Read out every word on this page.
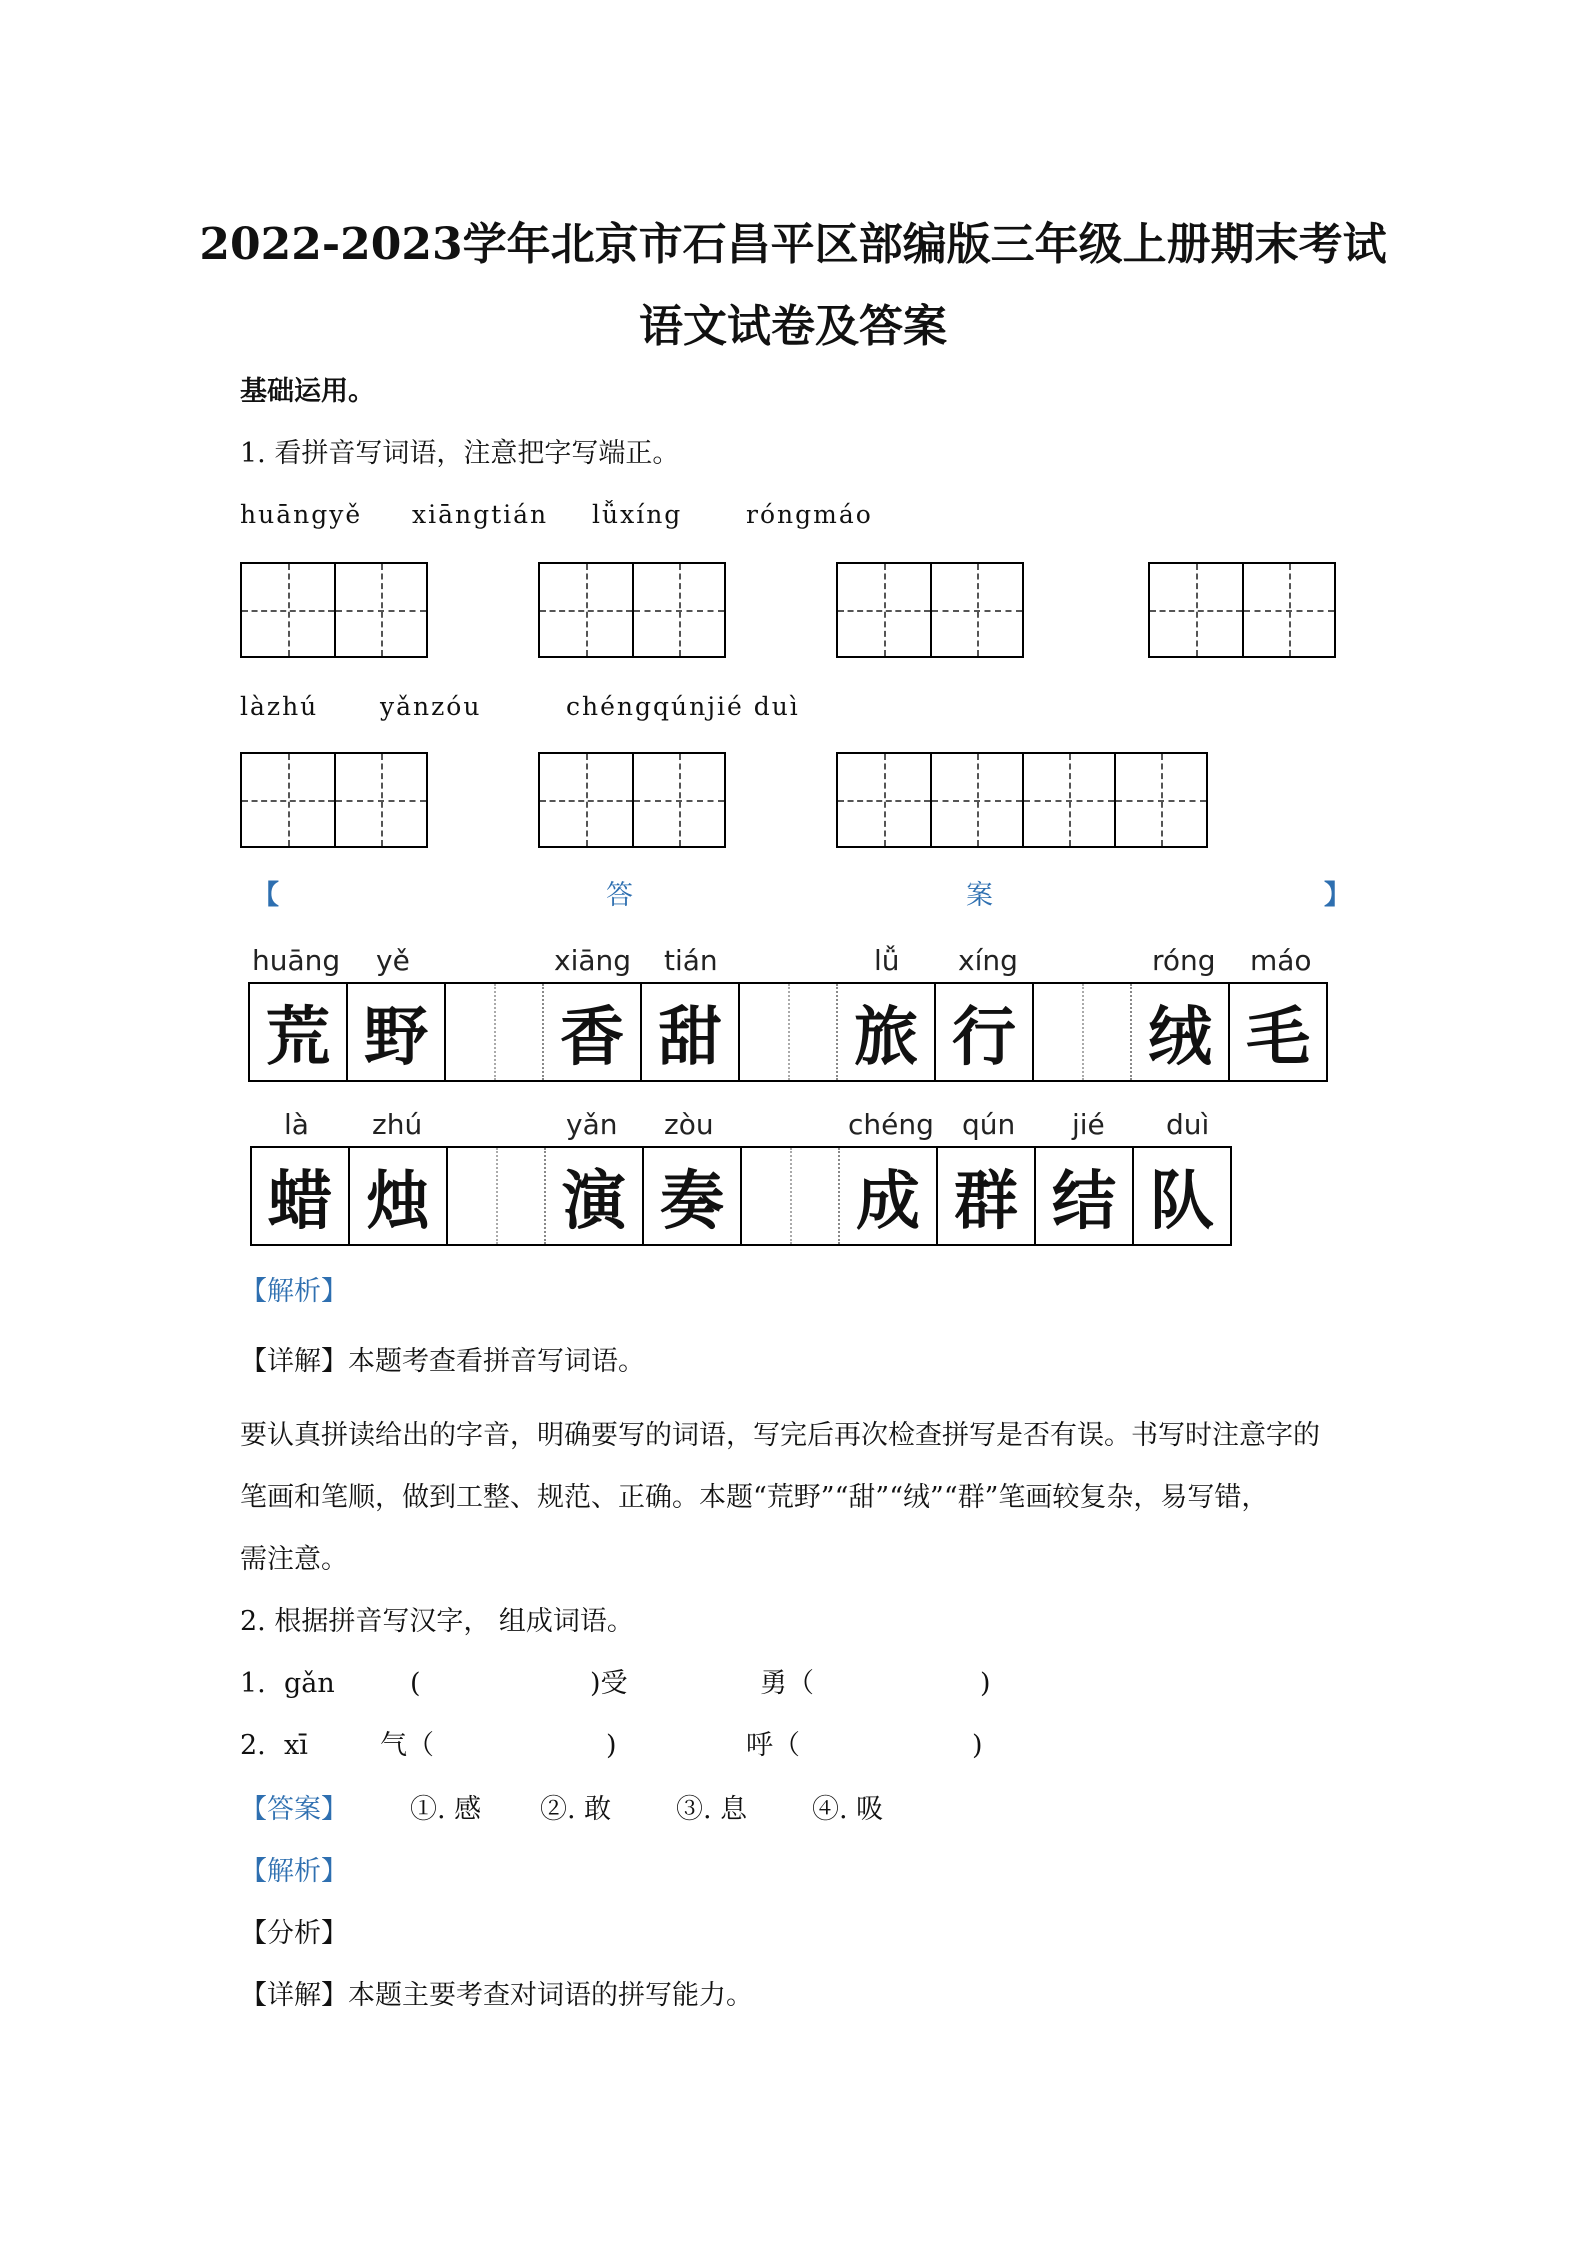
2022-2023学年北京市石昌平区部编版三年级上册期末考试
语文试卷及答案
基础运用。
1. 看拼音写词语，注意把字写端正。
huāngyě xiāngtián lǚxíng	róngmáo
làzhú yǎnzóu	chéngqúnjié duì
【	答	案	】
huāng yě	xiāng tián	lǚ xíng	róng máo
荒 野 香 甜 旅 行 绒 毛
là zhú	yǎn zòu	chéng qún jié duì
蜡 烛 演 奏 成 群 结 队
【解析】
【详解】本题考查看拼音写词语。
要认真拼读给出的字音，明确要写的词语，写完后再次检查拼写是否有误。书写时注意字的
笔画和笔顺，做到工整、规范、正确。本题“荒野”“甜”“绒”“群”笔画较复杂，易写错，
需注意。
2. 根据拼音写汉字， 组成词语。
1. gǎn	(	)受	勇（	)
2. xī	气（	)	呼（	)
【答案】 ①. 感 ②. 敢 ③. 息 ④. 吸
【解析】
【分析】
【详解】本题主要考查对词语的拼写能力。
